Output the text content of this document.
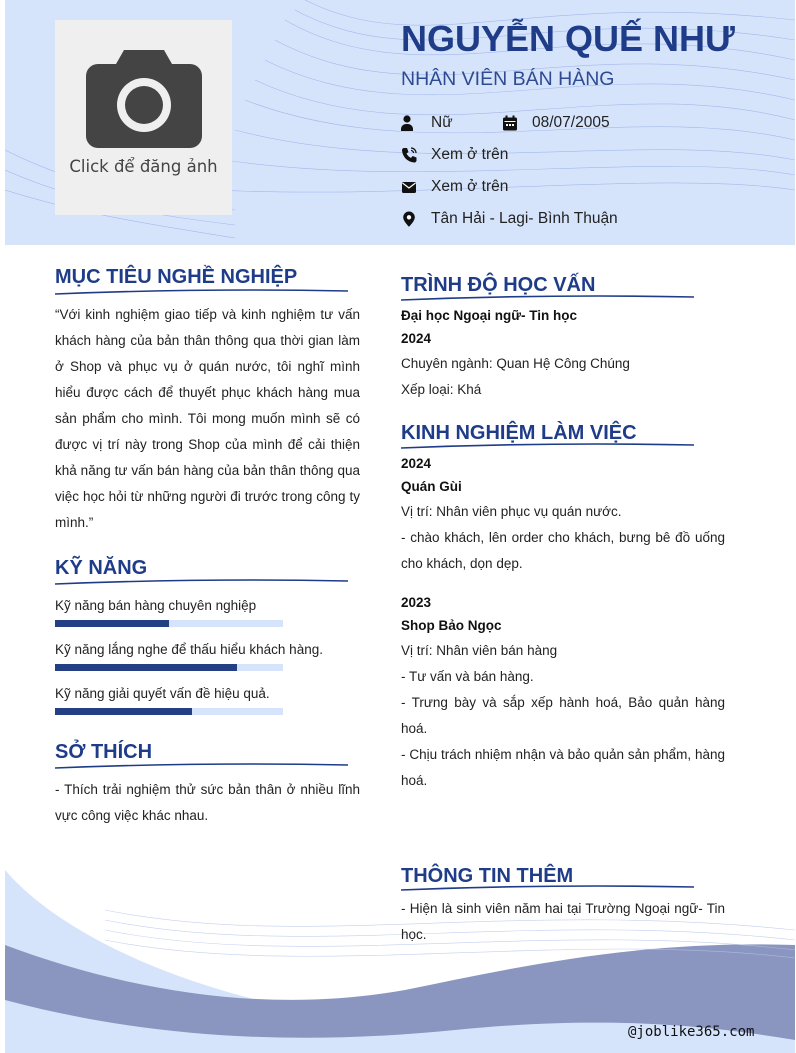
Click để đăng ảnh
NGUYỄN QUẾ NHƯ
NHÂN VIÊN BÁN HÀNG
Nữ	08/07/2005
Xem ở trên
Xem ở trên
Tân Hải - Lagi- Bình Thuận
MỤC TIÊU NGHỀ NGHIỆP

“Với kinh nghiệm giao tiếp và kinh nghiệm tư vấn khách hàng của bản thân thông qua thời gian làm ở Shop và phục vụ ở quán nước, tôi nghĩ mình hiểu được cách để thuyết phục khách hàng mua sản phẩm cho mình. Tôi mong muốn mình sẽ có được vị trí này trong Shop của mình để cải thiện khả năng tư vấn bán hàng của bản thân thông qua việc học hỏi từ những người đi trước trong công ty mình.”

KỸ NĂNG
Kỹ năng bán hàng chuyên nghiệp
Kỹ năng lắng nghe để thấu hiểu khách hàng.
Kỹ năng giải quyết vấn đề hiệu quả.
SỞ THÍCH

- Thích trải nghiệm thử sức bản thân ở nhiều lĩnh vực công việc khác nhau.

TRÌNH ĐỘ HỌC VẤN
Đại học Ngoại ngữ- Tin học
2024
Chuyên ngành: Quan Hệ Công Chúng
Xếp loại: Khá
KINH NGHIỆM LÀM VIỆC
2024
Quán Gùi
Vị trí: Nhân viên phục vụ quán nước.

- chào khách, lên order cho khách, bưng bê đồ uống cho khách, dọn dẹp.

2023
Shop Bảo Ngọc
Vị trí: Nhân viên bán hàng

- Tư vấn và bán hàng.

- Trưng bày và sắp xếp hành hoá, Bảo quản hàng hoá.

- Chịu trách nhiệm nhận và bảo quản sản phẩm, hàng hoá.

THÔNG TIN THÊM

- Hiện là sinh viên năm hai tại Trường Ngoại ngữ- Tin học.

@joblike365.com
